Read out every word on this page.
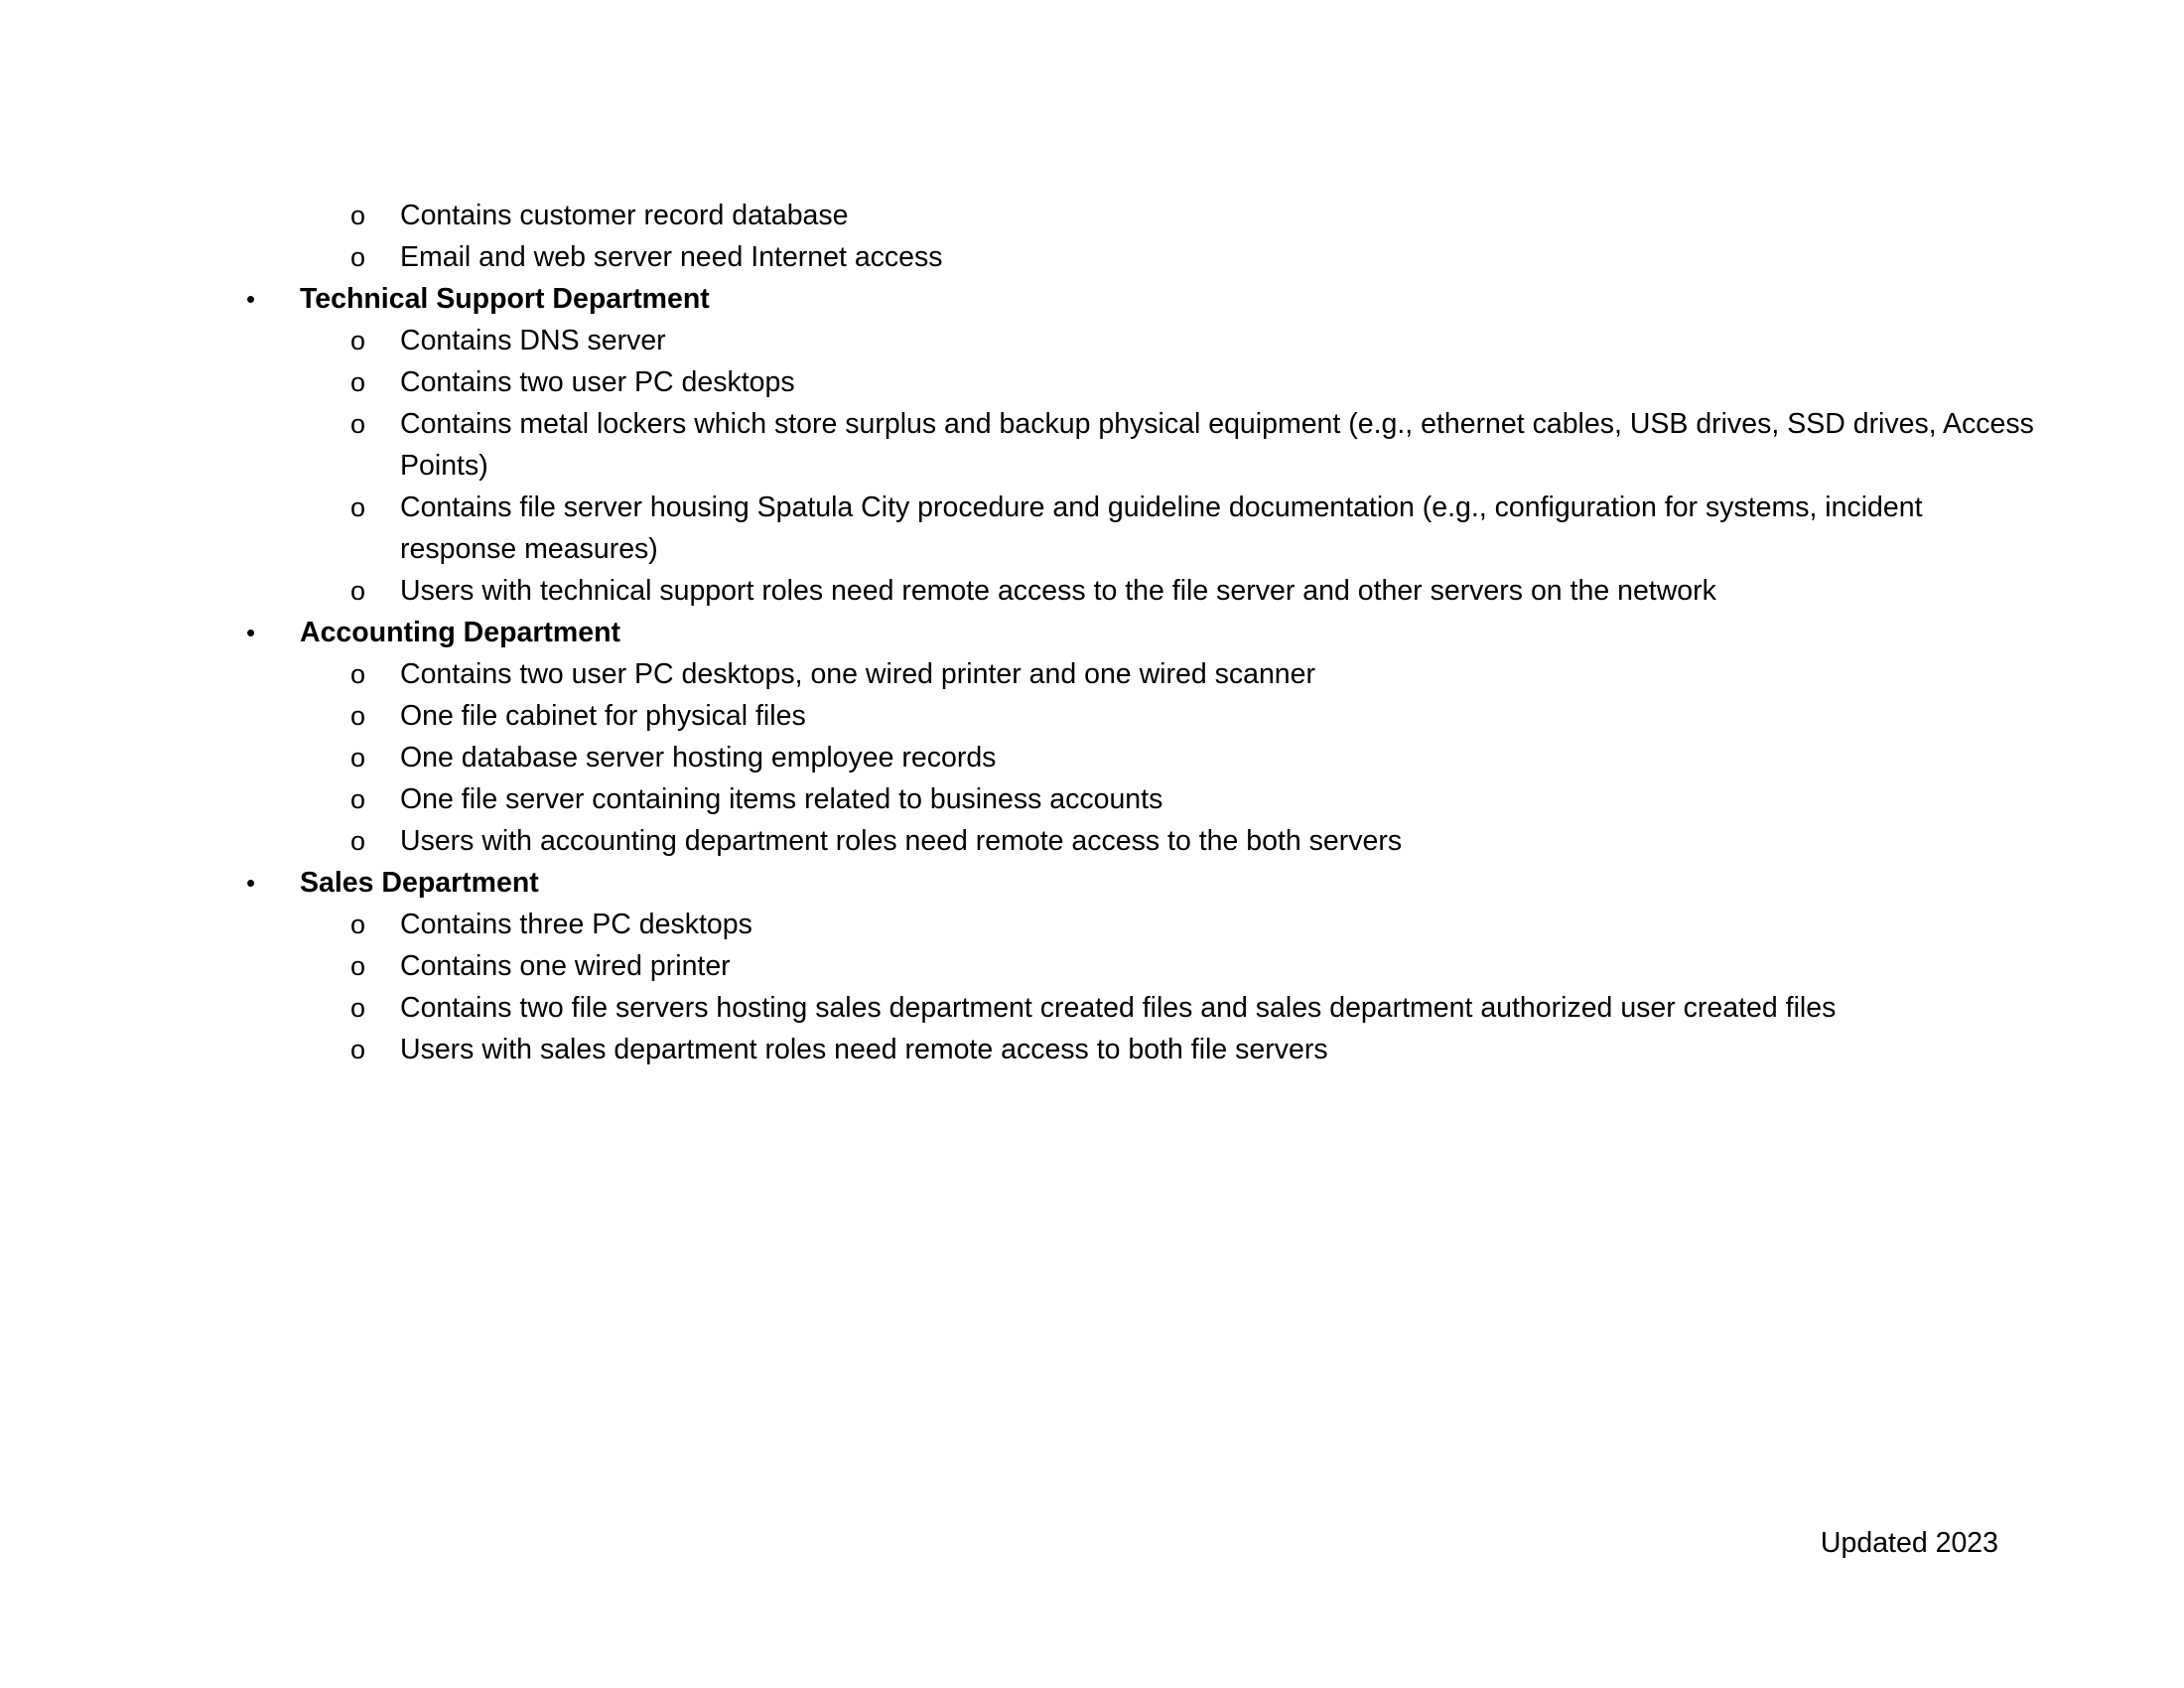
o Contains customer record database
o Email and web server need Internet access
• Technical Support Department
o Contains DNS server
o Contains two user PC desktops
o Contains metal lockers which store surplus and backup physical equipment (e.g., ethernet cables, USB drives, SSD drives, Access
Points)
o Contains file server housing Spatula City procedure and guideline documentation (e.g., configuration for systems, incident
response measures)
o Users with technical support roles need remote access to the file server and other servers on the network
• Accounting Department
o Contains two user PC desktops, one wired printer and one wired scanner
o One file cabinet for physical files
o One database server hosting employee records
o One file server containing items related to business accounts
o Users with accounting department roles need remote access to the both servers
• Sales Department
o Contains three PC desktops
o Contains one wired printer
o Contains two file servers hosting sales department created files and sales department authorized user created files
o Users with sales department roles need remote access to both file servers
Updated 2023
